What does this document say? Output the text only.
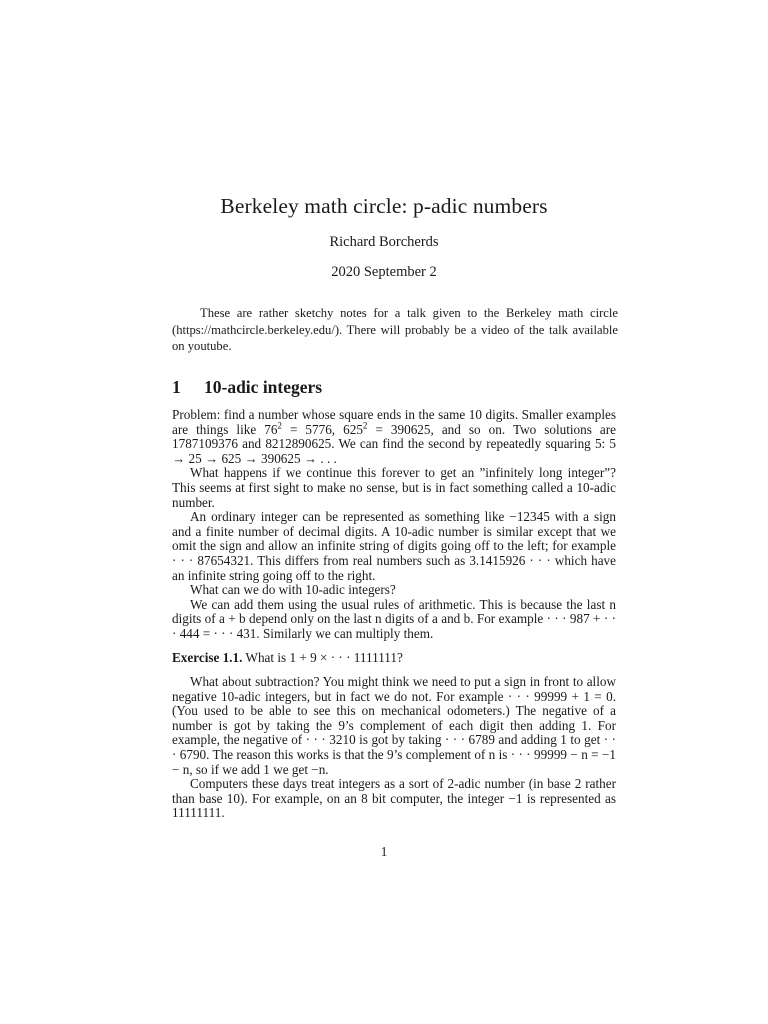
Berkeley math circle: p-adic numbers
Richard Borcherds
2020 September 2

These are rather sketchy notes for a talk given to the Berkeley math circle (https://mathcircle.berkeley.edu/). There will probably be a video of the talk available on youtube.

1 10-adic integers

Problem: find a number whose square ends in the same 10 digits. Smaller examples are things like $76^2 = 5776$, $625^2 = 390625$, and so on. Two solutions are 1787109376 and 8212890625. We can find the second by repeatedly squaring 5: 5 → 25 → 625 → 390625 → . . .

What happens if we continue this forever to get an ”infinitely long integer”? This seems at first sight to make no sense, but is in fact something called a 10-adic number.

An ordinary integer can be represented as something like −12345 with a sign and a finite number of decimal digits. A 10-adic number is similar except that we omit the sign and allow an infinite string of digits going off to the left; for example · · · 87654321. This differs from real numbers such as 3.1415926 · · · which have an infinite string going off to the right.

What can we do with 10-adic integers?

We can add them using the usual rules of arithmetic. This is because the last n digits of a + b depend only on the last n digits of a and b. For example · · · 987 + · · · 444 = · · · 431. Similarly we can multiply them.

Exercise 1.1. What is 1 + 9 × · · · 1111111?

What about subtraction? You might think we need to put a sign in front to allow negative 10-adic integers, but in fact we do not. For example · · · 99999 + 1 = 0. (You used to be able to see this on mechanical odometers.) The negative of a number is got by taking the 9’s complement of each digit then adding 1. For example, the negative of · · · 3210 is got by taking · · · 6789 and adding 1 to get · · · 6790. The reason this works is that the 9’s complement of n is · · · 99999 − n = −1 − n, so if we add 1 we get −n.

Computers these days treat integers as a sort of 2-adic number (in base 2 rather than base 10). For example, on an 8 bit computer, the integer −1 is represented as 11111111.

1
